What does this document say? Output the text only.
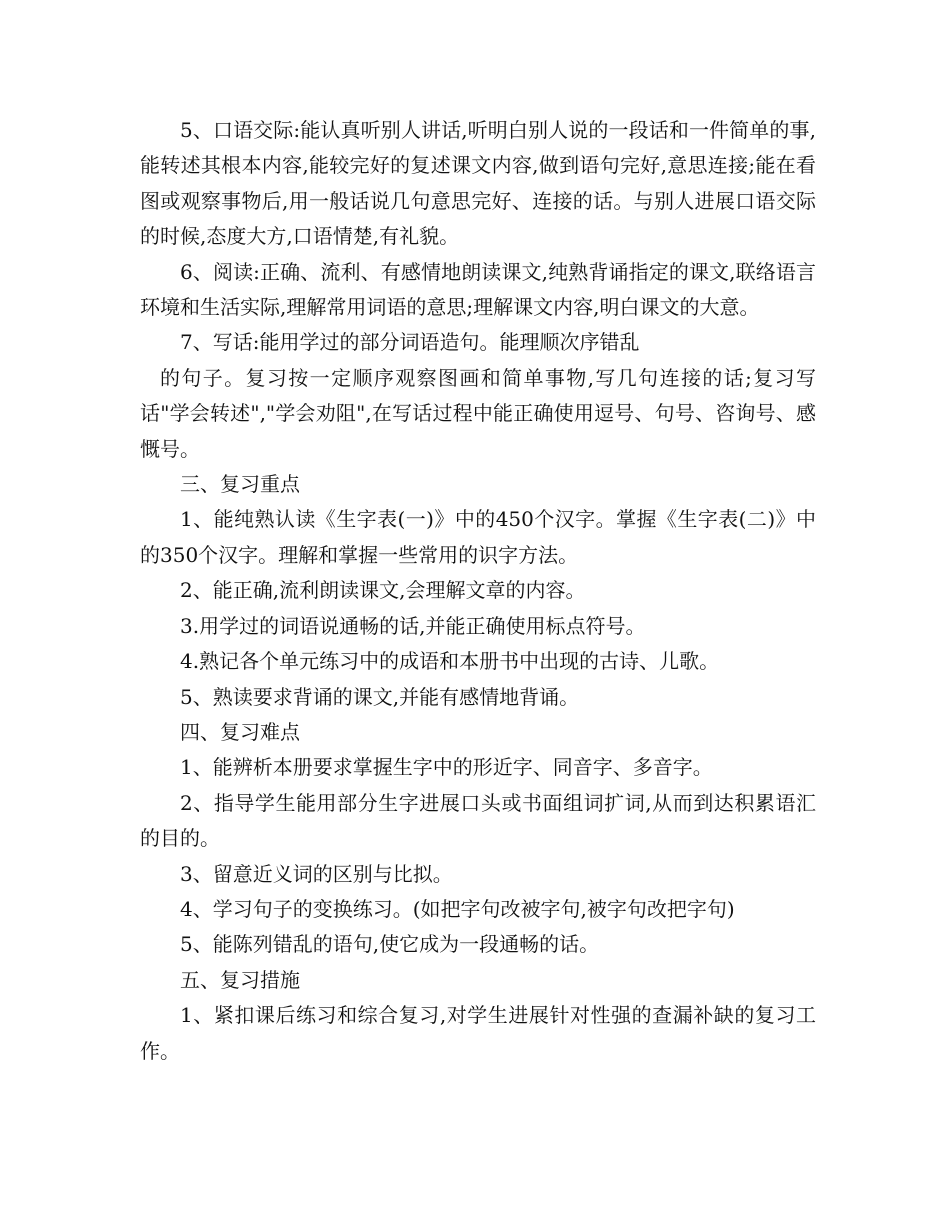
5、口语交际:能认真听别人讲话,听明白别人说的一段话和一件简单的事,能转述其根本内容,能较完好的复述课文内容,做到语句完好,意思连接;能在看图或观察事物后,用一般话说几句意思完好、连接的话。与别人进展口语交际的时候,态度大方,口语情楚,有礼貌。

6、阅读:正确、流利、有感情地朗读课文,纯熟背诵指定的课文,联络语言环境和生活实际,理解常用词语的意思;理解课文内容,明白课文的大意。

7、写话:能用学过的部分词语造句。能理顺次序错乱

的句子。复习按一定顺序观察图画和简单事物,写几句连接的话;复习写话"学会转述","学会劝阻",在写话过程中能正确使用逗号、句号、咨询号、感慨号。

三、复习重点

1、能纯熟认读《生字表(一)》中的450个汉字。掌握《生字表(二)》中的350个汉字。理解和掌握一些常用的识字方法。

2、能正确,流利朗读课文,会理解文章的内容。

3.用学过的词语说通畅的话,并能正确使用标点符号。

4.熟记各个单元练习中的成语和本册书中出现的古诗、儿歌。

5、熟读要求背诵的课文,并能有感情地背诵。

四、复习难点

1、能辨析本册要求掌握生字中的形近字、同音字、多音字。

2、指导学生能用部分生字进展口头或书面组词扩词,从而到达积累语汇的目的。

3、留意近义词的区别与比拟。

4、学习句子的变换练习。(如把字句改被字句,被字句改把字句)

5、能陈列错乱的语句,使它成为一段通畅的话。

五、复习措施

1、紧扣课后练习和综合复习,对学生进展针对性强的查漏补缺的复习工作。
